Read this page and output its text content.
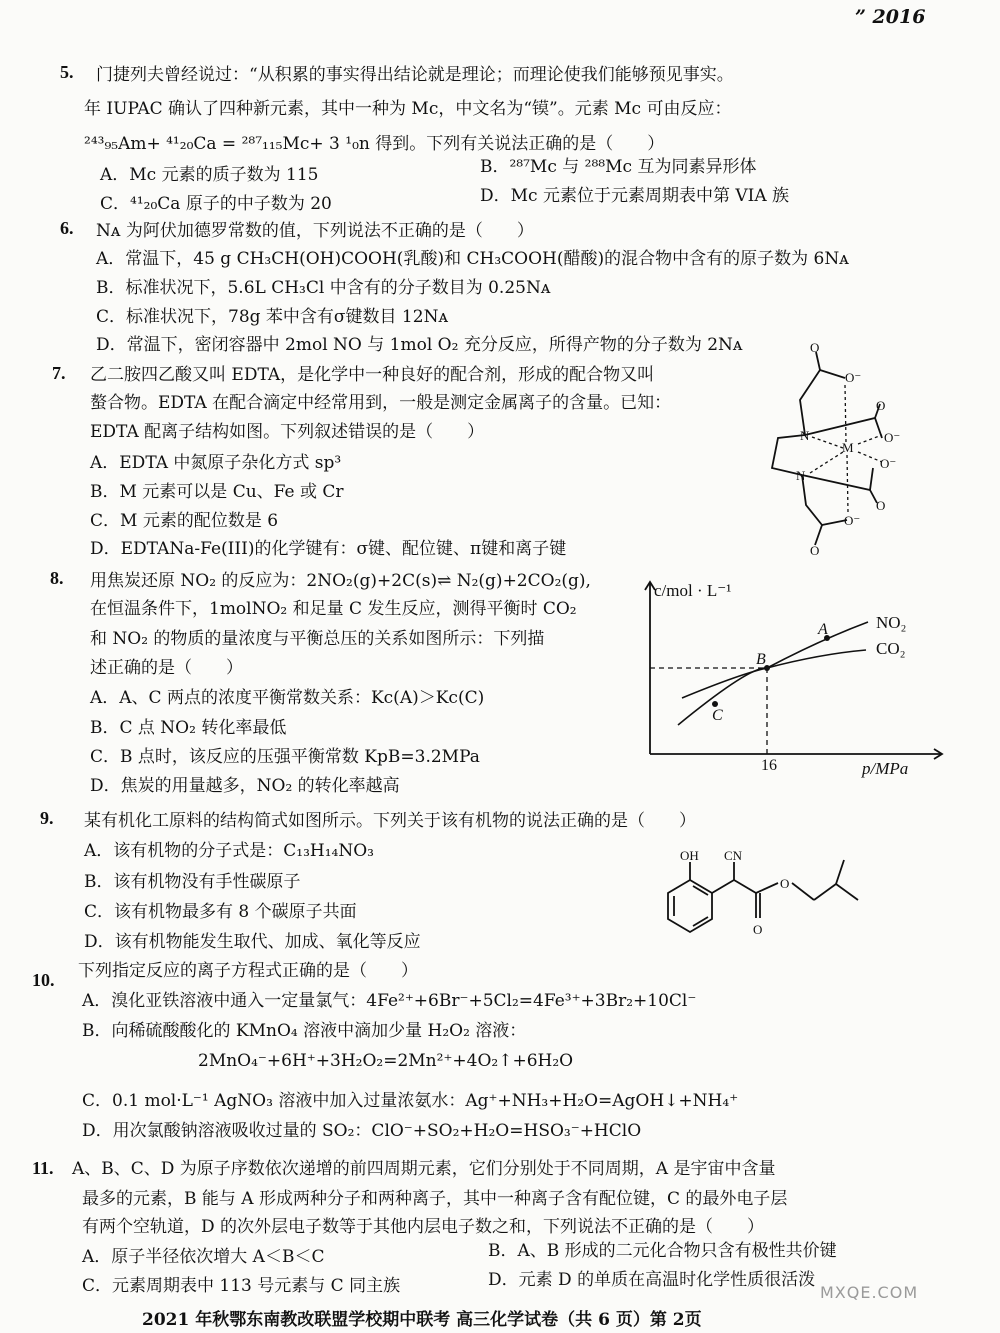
” 2016
5. 门捷列夫曾经说过：“从积累的事实得出结论就是理论；而理论使我们能够预见事实。
年 IUPAC 确认了四种新元素，其中一种为 Mc，中文名为“镆”。元素 Mc 可由反应：
²⁴³₉₅Am+ ⁴¹₂₀Ca = ²⁸⁷₁₁₅Mc+ 3 ¹₀n 得到。下列有关说法正确的是（　　）
A．Mc 元素的质子数为 115	B．²⁸⁷Mc 与 ²⁸⁸Mc 互为同素异形体
C．⁴¹₂₀Ca 原子的中子数为 20	D．Mc 元素位于元素周期表中第 VIA 族
6. Nᴀ 为阿伏加德罗常数的值，下列说法不正确的是（　　）
A．常温下，45 g CH₃CH(OH)COOH(乳酸)和 CH₃COOH(醋酸)的混合物中含有的原子数为 6Nᴀ
B．标准状况下，5.6L CH₃Cl 中含有的分子数目为 0.25Nᴀ
C．标准状况下，78g 苯中含有σ键数目 12Nᴀ
D．常温下，密闭容器中 2mol NO 与 1mol O₂ 充分反应，所得产物的分子数为 2Nᴀ
7. 乙二胺四乙酸又叫 EDTA，是化学中一种良好的配合剂，形成的配合物又叫
螯合物。EDTA 在配合滴定中经常用到，一般是测定金属离子的含量。已知：
EDTA 配离子结构如图。下列叙述错误的是（　　）
A．EDTA 中氮原子杂化方式 sp³
B．M 元素可以是 Cu、Fe 或 Cr
C．M 元素的配位数是 6
D．EDTANa-Fe(III)的化学键有：σ键、配位键、π键和离子键
O
O⁻
O
N
M
O⁻
N
O⁻
O
O⁻
O
8. 用焦炭还原 NO₂ 的反应为：2NO₂(g)+2C(s)⇌ N₂(g)+2CO₂(g),
在恒温条件下，1molNO₂ 和足量 C 发生反应，测得平衡时 CO₂
和 NO₂ 的物质的量浓度与平衡总压的关系如图所示：下列描
述正确的是（　　）
A．A、C 两点的浓度平衡常数关系：Kc(A)＞Kc(C)
B．C 点 NO₂ 转化率最低
C．B 点时，该反应的压强平衡常数 KpB=3.2MPa
D．焦炭的用量越多，NO₂ 的转化率越高
c/mol · L⁻¹
p/MPa
16
A
B
C
NO₂
CO₂
9. 某有机化工原料的结构简式如图所示。下列关于该有机物的说法正确的是（　　）
A．该有机物的分子式是：C₁₃H₁₄NO₃
B．该有机物没有手性碳原子
C．该有机物最多有 8 个碳原子共面
D．该有机物能发生取代、加成、氧化等反应
OH CN
O
O
10. 下列指定反应的离子方程式正确的是（　　）
A．溴化亚铁溶液中通入一定量氯气：4Fe²⁺+6Br⁻+5Cl₂=4Fe³⁺+3Br₂+10Cl⁻
B．向稀硫酸酸化的 KMnO₄ 溶液中滴加少量 H₂O₂ 溶液：
2MnO₄⁻+6H⁺+3H₂O₂=2Mn²⁺+4O₂↑+6H₂O
C．0.1 mol·L⁻¹ AgNO₃ 溶液中加入过量浓氨水：Ag⁺+NH₃+H₂O=AgOH↓+NH₄⁺
D．用次氯酸钠溶液吸收过量的 SO₂：ClO⁻+SO₂+H₂O=HSO₃⁻+HClO
11. A、B、C、D 为原子序数依次递增的前四周期元素，它们分别处于不同周期，A 是宇宙中含量
最多的元素，B 能与 A 形成两种分子和两种离子，其中一种离子含有配位键，C 的最外电子层
有两个空轨道，D 的次外层电子数等于其他内层电子数之和，下列说法不正确的是（　　）
A．原子半径依次增大 A＜B＜C	B．A、B 形成的二元化合物只含有极性共价键
C．元素周期表中 113 号元素与 C 同主族	D．元素 D 的单质在高温时化学性质很活泼
2021 年秋鄂东南教改联盟学校期中联考 高三化学试卷（共 6 页）第 2页
MXQE.COM
